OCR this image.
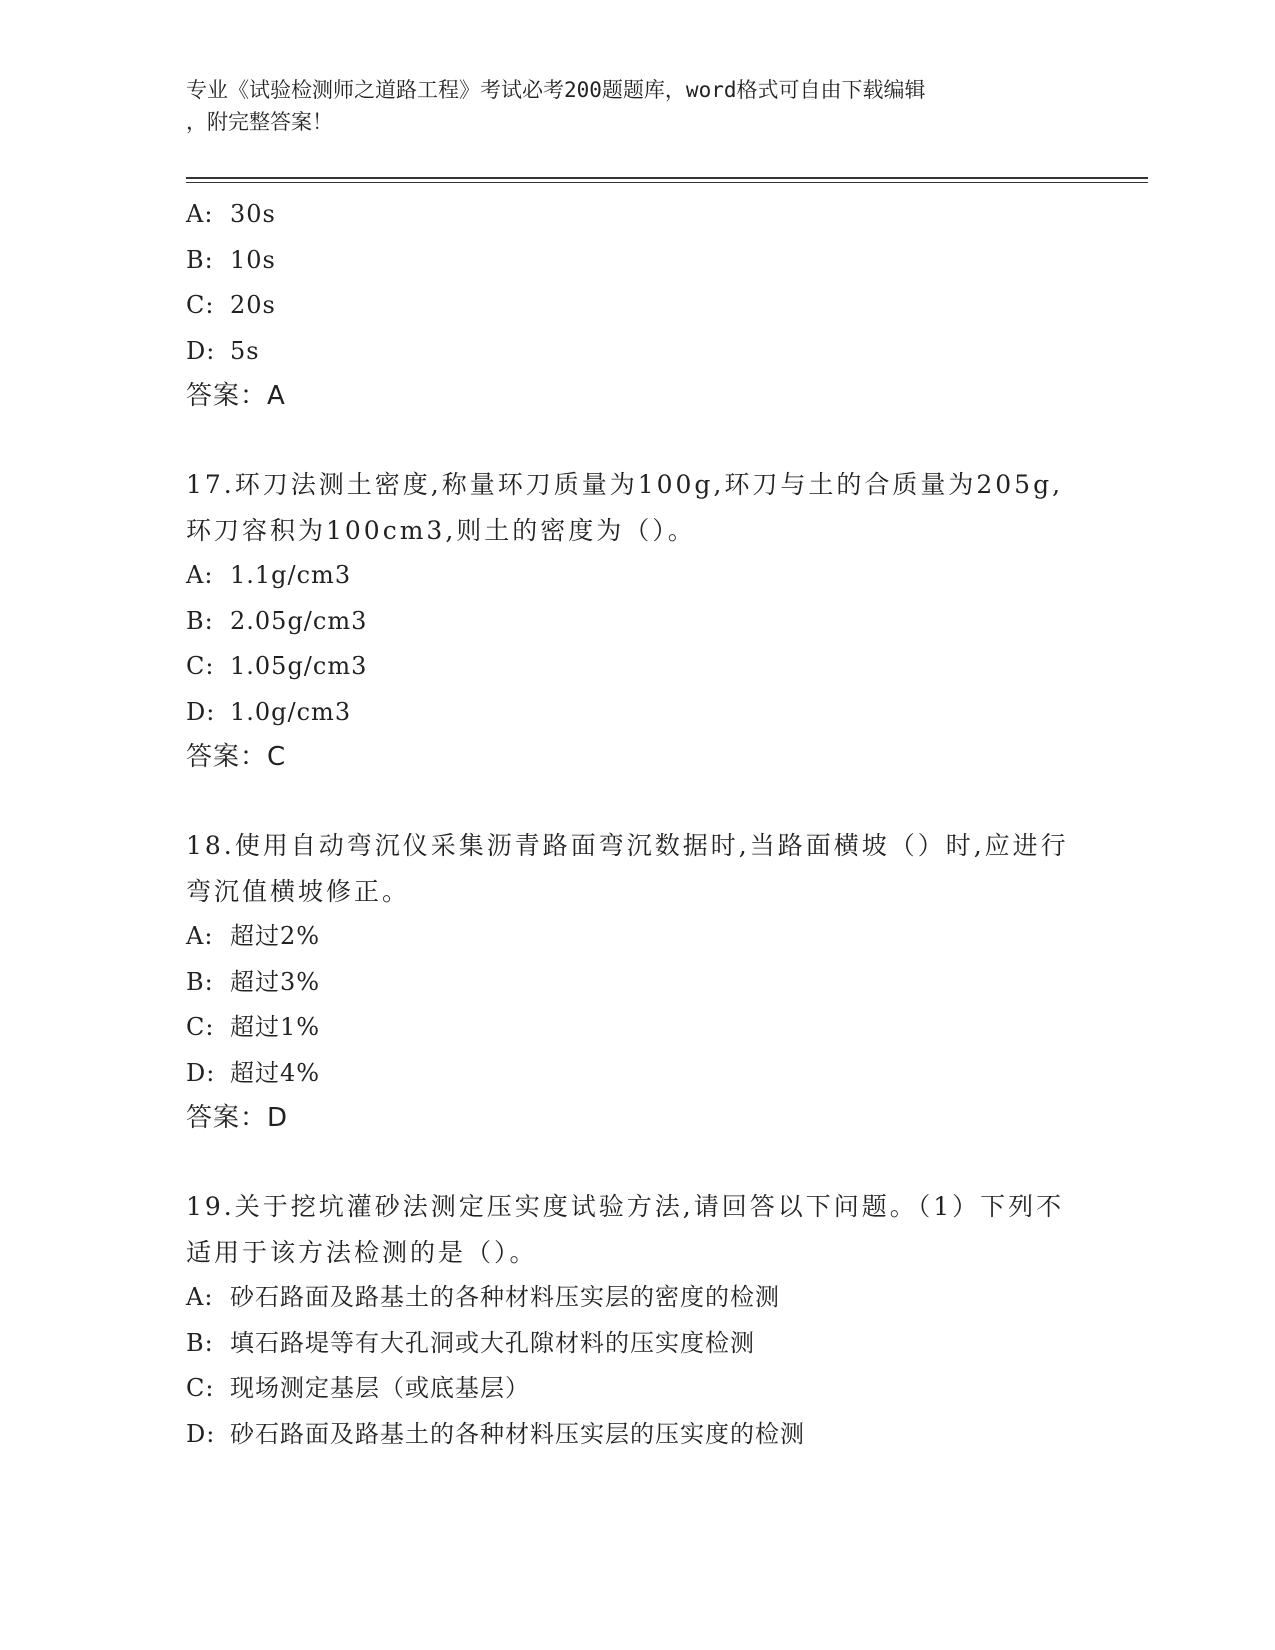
专业《试验检测师之道路工程》考试必考200题题库，word格式可自由下载编辑
，附完整答案！
A: 30s
B: 10s
C: 20s
D: 5s
答案：A
17.环刀法测土密度,称量环刀质量为100g,环刀与土的合质量为205g,环刀容积为100cm3,则土的密度为（）。
A: 1.1g/cm3
B: 2.05g/cm3
C: 1.05g/cm3
D: 1.0g/cm3
答案：C
18.使用自动弯沉仪采集沥青路面弯沉数据时,当路面横坡（）时,应进行弯沉值横坡修正。
A: 超过2%
B: 超过3%
C: 超过1%
D: 超过4%
答案：D
19.关于挖坑灌砂法测定压实度试验方法,请回答以下问题。（1）下列不适用于该方法检测的是（）。
A: 砂石路面及路基土的各种材料压实层的密度的检测
B: 填石路堤等有大孔洞或大孔隙材料的压实度检测
C: 现场测定基层（或底基层）
D: 砂石路面及路基土的各种材料压实层的压实度的检测
